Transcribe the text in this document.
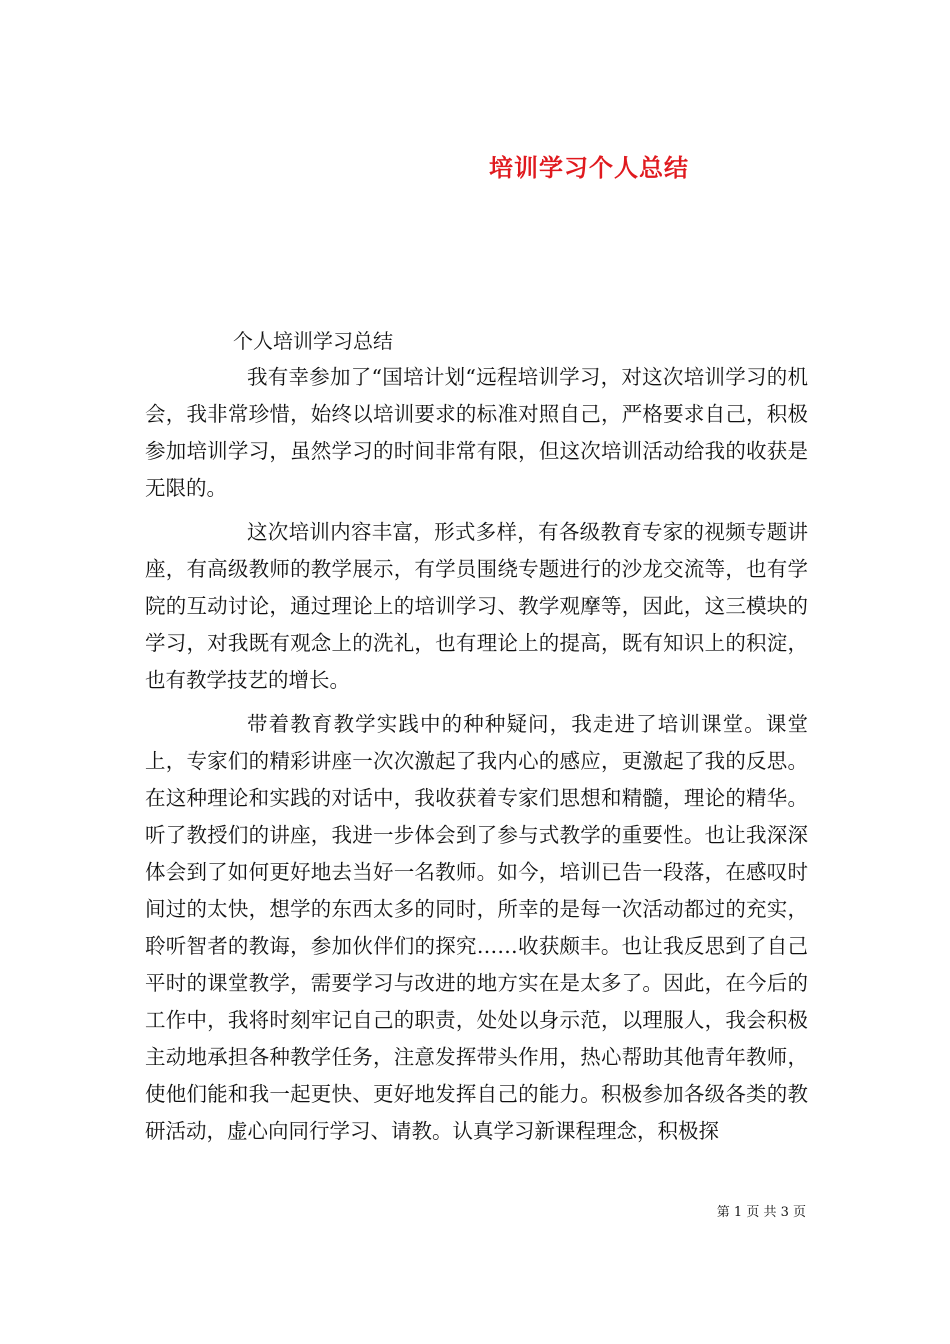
培训学习个人总结

个人培训学习总结

我有幸参加了“国培计划“远程培训学习，对这次培训学习的机会，我非常珍惜，始终以培训要求的标准对照自己，严格要求自己，积极参加培训学习，虽然学习的时间非常有限，但这次培训活动给我的收获是无限的。

这次培训内容丰富，形式多样，有各级教育专家的视频专题讲座，有高级教师的教学展示，有学员围绕专题进行的沙龙交流等，也有学院的互动讨论，通过理论上的培训学习、教学观摩等，因此，这三模块的学习，对我既有观念上的洗礼，也有理论上的提高，既有知识上的积淀，也有教学技艺的增长。

带着教育教学实践中的种种疑问，我走进了培训课堂。课堂上，专家们的精彩讲座一次次激起了我内心的感应，更激起了我的反思。在这种理论和实践的对话中，我收获着专家们思想和精髓，理论的精华。听了教授们的讲座，我进一步体会到了参与式教学的重要性。也让我深深体会到了如何更好地去当好一名教师。如今，培训已告一段落，在感叹时间过的太快，想学的东西太多的同时，所幸的是每一次活动都过的充实，聆听智者的教诲，参加伙伴们的探究……收获颇丰。也让我反思到了自己平时的课堂教学，需要学习与改进的地方实在是太多了。因此，在今后的工作中，我将时刻牢记自己的职责，处处以身示范，以理服人，我会积极主动地承担各种教学任务，注意发挥带头作用，热心帮助其他青年教师，使他们能和我一起更快、更好地发挥自己的能力。积极参加各级各类的教研活动，虚心向同行学习、请教。认真学习新课程理念，积极探

第 1 页 共 3 页
